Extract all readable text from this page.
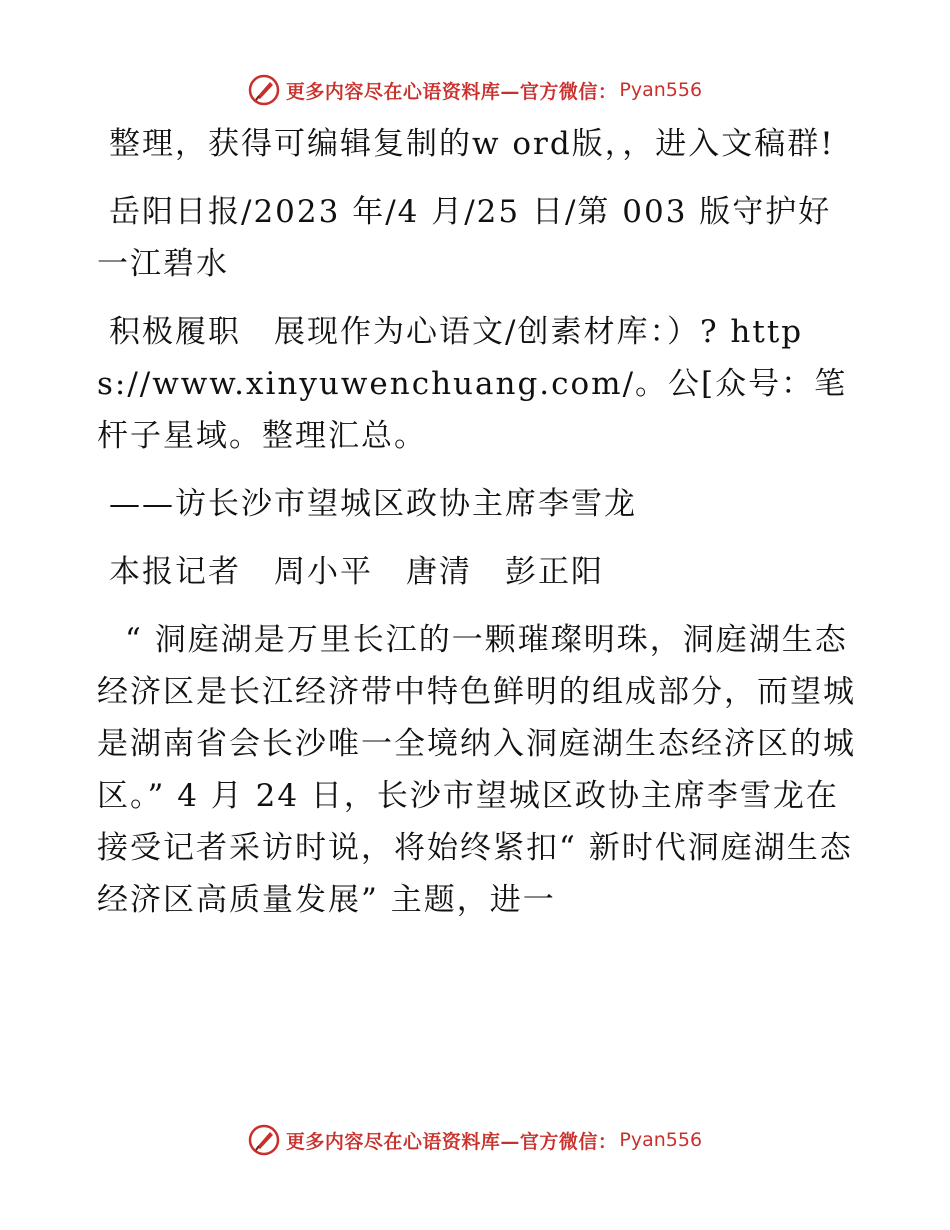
更多内容尽在心语资料库—官方微信： Pyan556

整理，获得可编辑复制的w ord版，，进入文稿群!

岳阳日报/2023 年/4 月/25 日/第 003 版守护好一江碧水

积极履职　展现作为心语文/创素材库：）? https://www.xinyuwenchuang.com/。公[众号：笔杆子星域。整理汇总。

——访长沙市望城区政协主席李雪龙

本报记者　周小平　唐清　彭正阳

“ 洞庭湖是万里长江的一颗璀璨明珠，洞庭湖生态经济区是长江经济带中特色鲜明的组成部分，而望城是湖南省会长沙唯一全境纳入洞庭湖生态经济区的城区。” 4 月 24 日，长沙市望城区政协主席李雪龙在接受记者采访时说，将始终紧扣“ 新时代洞庭湖生态经济区高质量发展” 主题，进一

更多内容尽在心语资料库—官方微信： Pyan556
